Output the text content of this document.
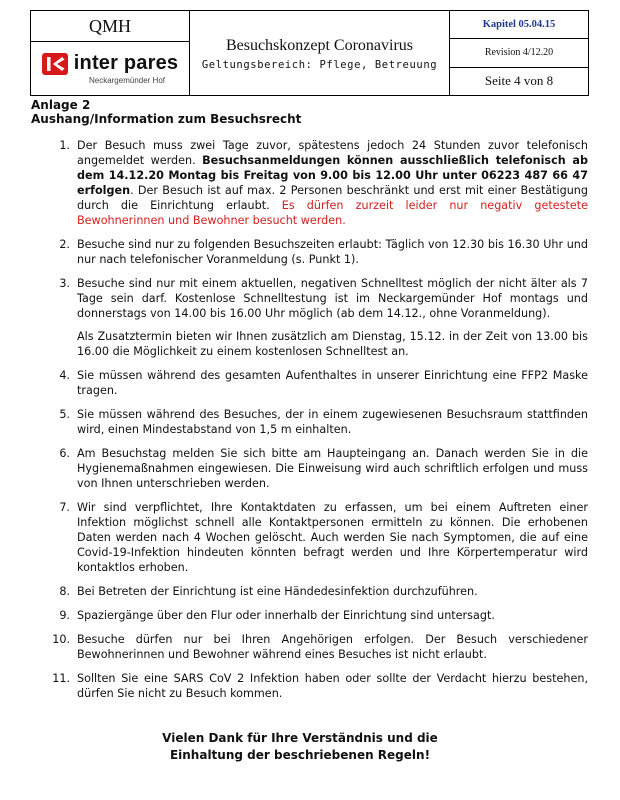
QMH
inter pares
Neckargemünder Hof
Besuchskonzept Coronavirus
Geltungsbereich: Pflege, Betreuung
Kapitel 05.04.15
Revision 4/12.20
Seite 4 von 8
Anlage 2
Aushang/Information zum Besuchsrecht
1. Der Besuch muss zwei Tage zuvor, spätestens jedoch 24 Stunden zuvor telefonisch angemeldet werden. Besuchsanmeldungen können ausschließlich telefonisch ab dem 14.12.20 Montag bis Freitag von 9.00 bis 12.00 Uhr unter 06223 487 66 47 erfolgen. Der Besuch ist auf max. 2 Personen beschränkt und erst mit einer Bestätigung durch die Einrichtung erlaubt. Es dürfen zurzeit leider nur negativ getestete Bewohnerinnen und Bewohner besucht werden.

2. Besuche sind nur zu folgenden Besuchszeiten erlaubt: Täglich von 12.30 bis 16.30 Uhr und nur nach telefonischer Voranmeldung (s. Punkt 1).
3. Besuche sind nur mit einem aktuellen, negativen Schnelltest möglich der nicht älter als 7 Tage sein darf. Kostenlose Schnelltestung ist im Neckargemünder Hof montags und donnerstags von 14.00 bis 16.00 Uhr möglich (ab dem 14.12., ohne Voranmeldung).

Als Zusatztermin bieten wir Ihnen zusätzlich am Dienstag, 15.12. in der Zeit von 13.00 bis 16.00 die Möglichkeit zu einem kostenlosen Schnelltest an.

4. Sie müssen während des gesamten Aufenthaltes in unserer Einrichtung eine FFP2 Maske tragen.
5. Sie müssen während des Besuches, der in einem zugewiesenen Besuchsraum stattfinden wird, einen Mindestabstand von 1,5 m einhalten.
6. Am Besuchstag melden Sie sich bitte am Haupteingang an. Danach werden Sie in die Hygienemaßnahmen eingewiesen. Die Einweisung wird auch schriftlich erfolgen und muss von Ihnen unterschrieben werden.
7. Wir sind verpflichtet, Ihre Kontaktdaten zu erfassen, um bei einem Auftreten einer Infektion möglichst schnell alle Kontaktpersonen ermitteln zu können. Die erhobenen Daten werden nach 4 Wochen gelöscht. Auch werden Sie nach Symptomen, die auf eine Covid-19-Infektion hindeuten könnten befragt werden und Ihre Körpertemperatur wird kontaktlos erhoben.
8. Bei Betreten der Einrichtung ist eine Händedesinfektion durchzuführen.
9. Spaziergänge über den Flur oder innerhalb der Einrichtung sind untersagt.
10. Besuche dürfen nur bei Ihren Angehörigen erfolgen. Der Besuch verschiedener Bewohnerinnen und Bewohner während eines Besuches ist nicht erlaubt.
11. Sollten Sie eine SARS CoV 2 Infektion haben oder sollte der Verdacht hierzu bestehen, dürfen Sie nicht zu Besuch kommen.
Vielen Dank für Ihre Verständnis und die
Einhaltung der beschriebenen Regeln!
